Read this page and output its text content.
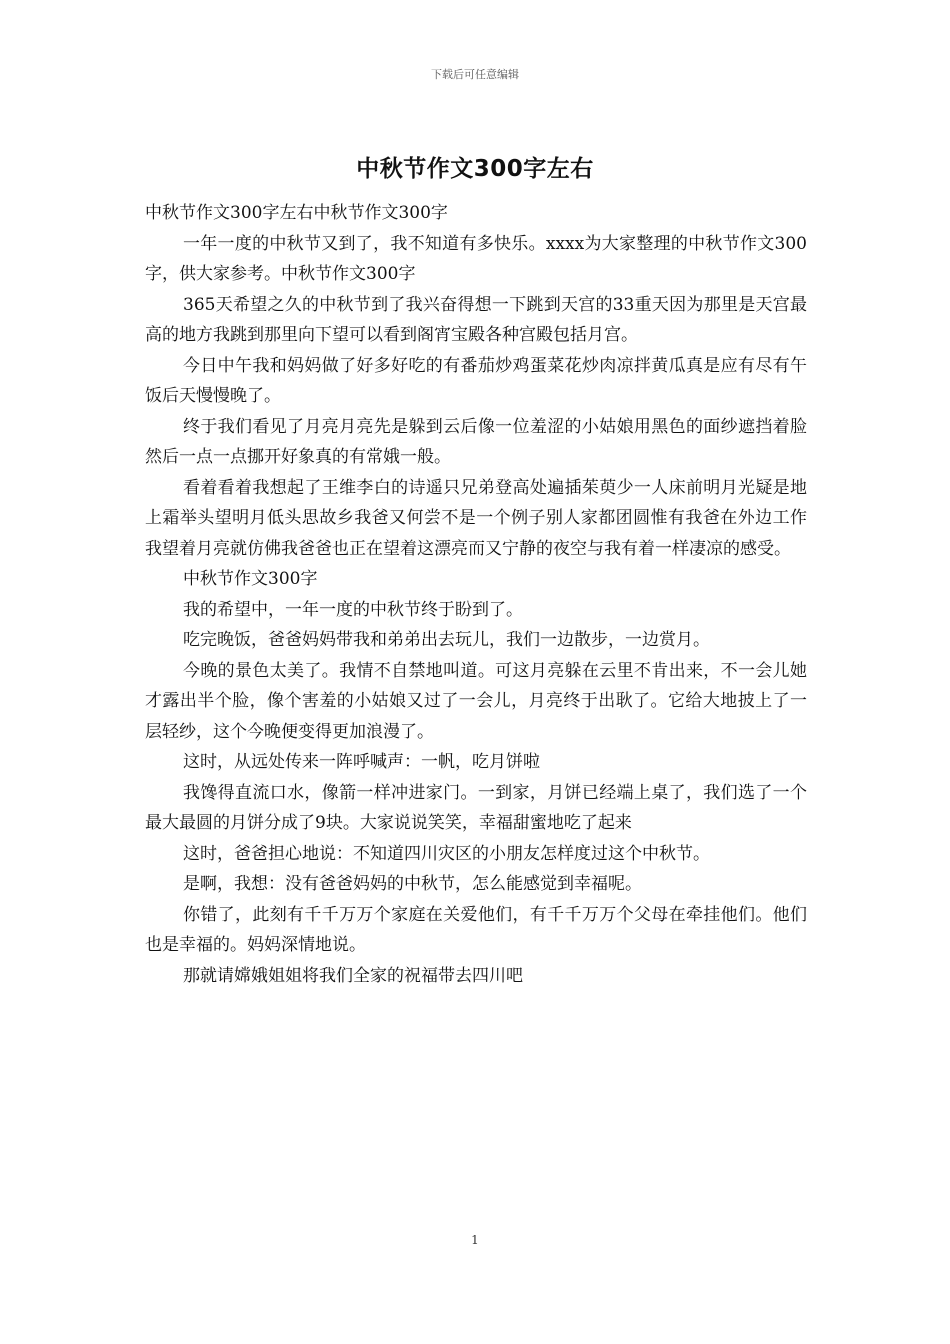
下载后可任意编辑
中秋节作文300字左右

中秋节作文300字左右中秋节作文300字

一年一度的中秋节又到了，我不知道有多快乐。xxxx为大家整理的中秋节作文300字，供大家参考。中秋节作文300字

365天希望之久的中秋节到了我兴奋得想一下跳到天宫的33重天因为那里是天宫最高的地方我跳到那里向下望可以看到阁宵宝殿各种宫殿包括月宫。

今日中午我和妈妈做了好多好吃的有番茄炒鸡蛋菜花炒肉凉拌黄瓜真是应有尽有午饭后天慢慢晚了。

终于我们看见了月亮月亮先是躲到云后像一位羞涩的小姑娘用黑色的面纱遮挡着脸然后一点一点挪开好象真的有常娥一般。

看着看着我想起了王维李白的诗遥只兄弟登高处遍插茱萸少一人床前明月光疑是地上霜举头望明月低头思故乡我爸又何尝不是一个例子别人家都团圆惟有我爸在外边工作我望着月亮就仿佛我爸爸也正在望着这漂亮而又宁静的夜空与我有着一样凄凉的感受。

中秋节作文300字

我的希望中，一年一度的中秋节终于盼到了。

吃完晚饭，爸爸妈妈带我和弟弟出去玩儿，我们一边散步，一边赏月。

今晚的景色太美了。我情不自禁地叫道。可这月亮躲在云里不肯出来，不一会儿她才露出半个脸，像个害羞的小姑娘又过了一会儿，月亮终于出耿了。它给大地披上了一层轻纱，这个今晚便变得更加浪漫了。

这时，从远处传来一阵呼喊声：一帆，吃月饼啦

我馋得直流口水，像箭一样冲进家门。一到家，月饼已经端上桌了，我们选了一个最大最圆的月饼分成了9块。大家说说笑笑，幸福甜蜜地吃了起来

这时，爸爸担心地说：不知道四川灾区的小朋友怎样度过这个中秋节。

是啊，我想：没有爸爸妈妈的中秋节，怎么能感觉到幸福呢。

你错了，此刻有千千万万个家庭在关爱他们，有千千万万个父母在牵挂他们。他们也是幸福的。妈妈深情地说。

那就请嫦娥姐姐将我们全家的祝福带去四川吧

1
